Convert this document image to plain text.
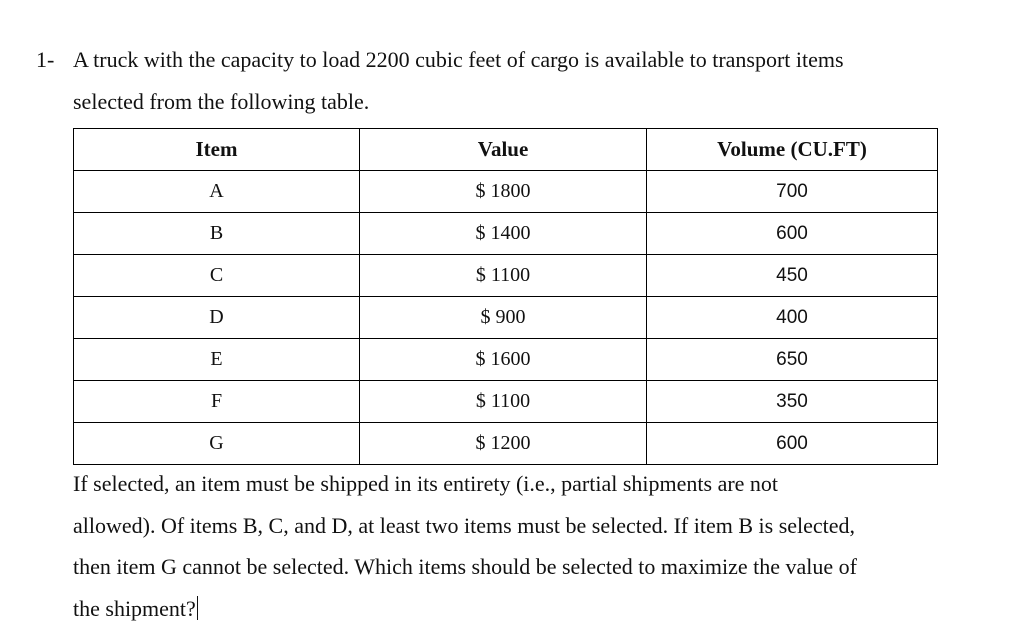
1- A truck with the capacity to load 2200 cubic feet of cargo is available to transport items
selected from the following table.
Item	Value	Volume (CU.FT)
A	$ 1800	700
B	$ 1400	600
C	$ 1100	450
D	$ 900	400
E	$ 1600	650
F	$ 1100	350
G	$ 1200	600
If selected, an item must be shipped in its entirety (i.e., partial shipments are not
allowed). Of items B, C, and D, at least two items must be selected. If item B is selected,
then item G cannot be selected. Which items should be selected to maximize the value of
the shipment?
